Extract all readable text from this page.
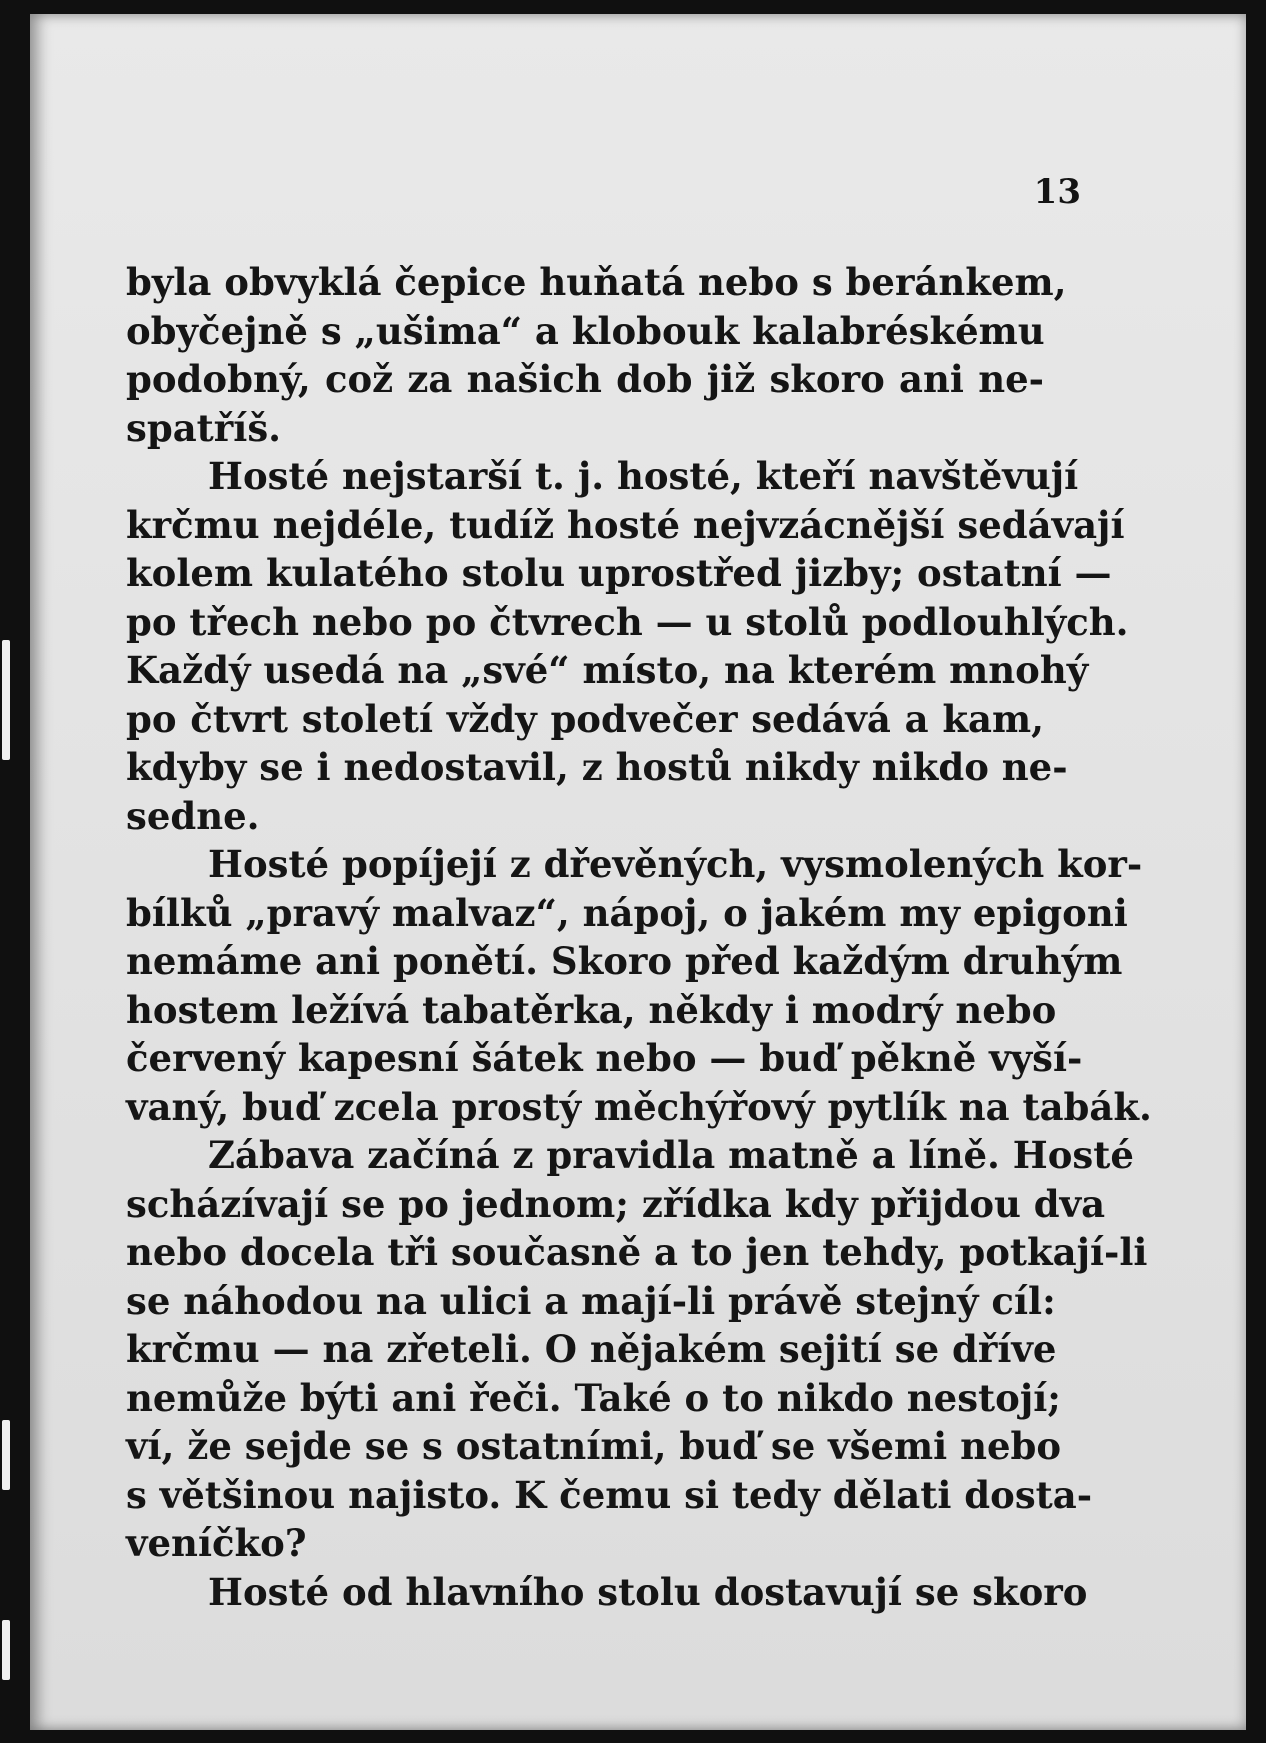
13

byla obvyklá čepice huňatá nebo s beránkem,
obyčejně s „ušima“ a klobouk kalabréskému
podobný, což za našich dob již skoro ani ne-
spatříš.
Hosté nejstarší t. j. hosté, kteří navštěvují
krčmu nejdéle, tudíž hosté nejvzácnější sedávají
kolem kulatého stolu uprostřed jizby; ostatní —
po třech nebo po čtvrech — u stolů podlouhlých.
Každý usedá na „své“ místo, na kterém mnohý
po čtvrt století vždy podvečer sedává a kam,
kdyby se i nedostavil, z hostů nikdy nikdo ne-
sedne.
Hosté popíjejí z dřevěných, vysmolených kor-
bílků „pravý malvaz“, nápoj, o jakém my epigoni
nemáme ani ponětí. Skoro před každým druhým
hostem ležívá tabatěrka, někdy i modrý nebo
červený kapesní šátek nebo — buď pěkně vyší-
vaný, buď zcela prostý měchýřový pytlík na tabák.
Zábava začíná z pravidla matně a líně. Hosté
scházívají se po jednom; zřídka kdy přijdou dva
nebo docela tři současně a to jen tehdy, potkají-li
se náhodou na ulici a mají-li právě stejný cíl:
krčmu — na zřeteli. O nějakém sejití se dříve
nemůže býti ani řeči. Také o to nikdo nestojí;
ví, že sejde se s ostatními, buď se všemi nebo
s většinou najisto. K čemu si tedy dělati dosta-
veníčko?
Hosté od hlavního stolu dostavují se skoro
